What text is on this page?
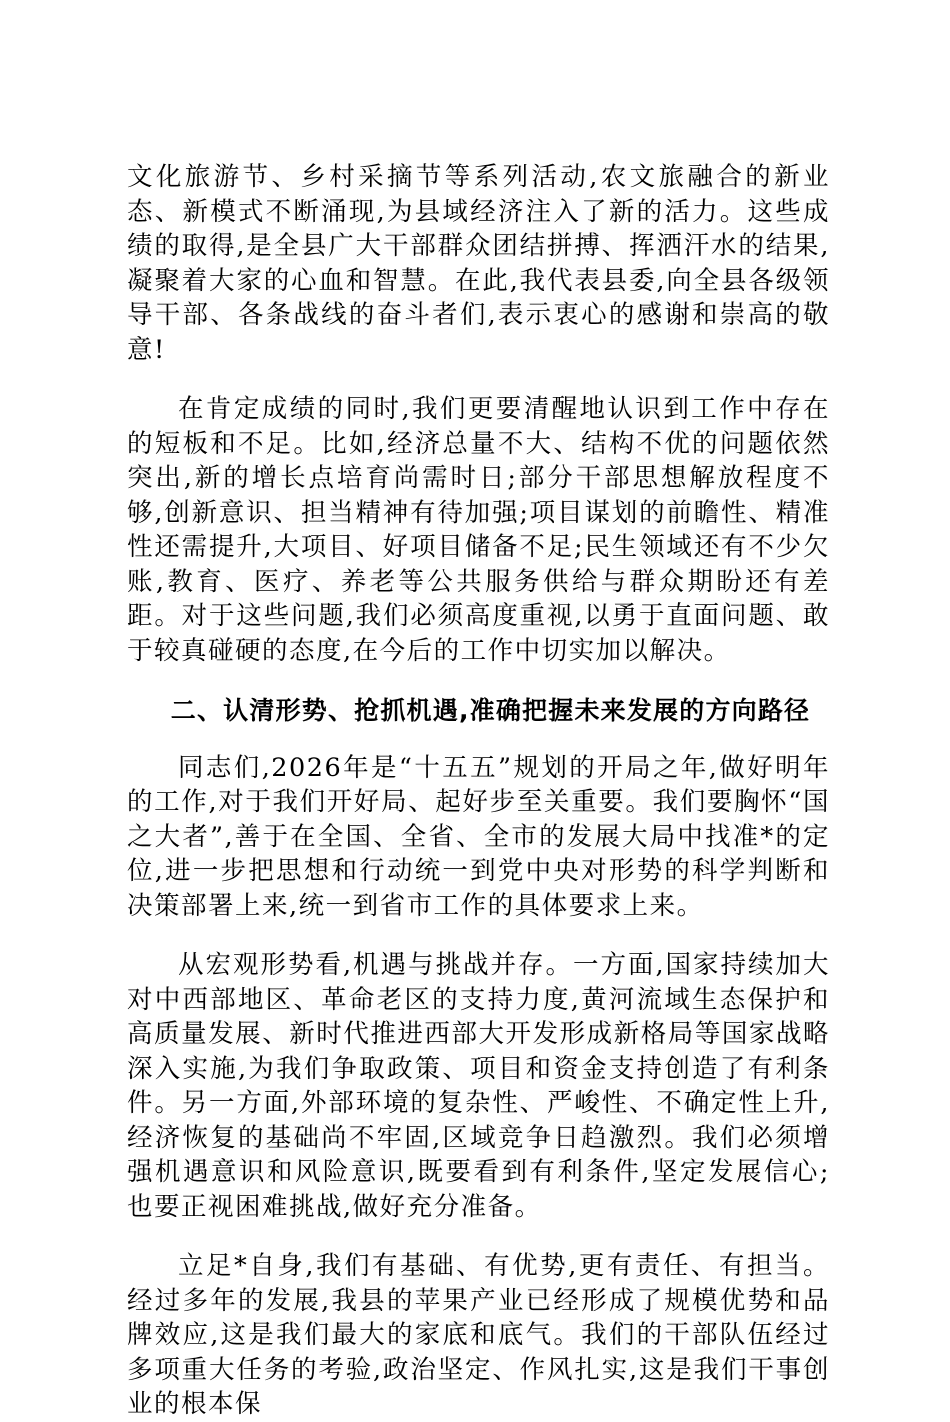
文化旅游节、乡村采摘节等系列活动,农文旅融合的新业态、新模式不断涌现,为县域经济注入了新的活力。这些成绩的取得,是全县广大干部群众团结拼搏、挥洒汗水的结果,凝聚着大家的心血和智慧。在此,我代表县委,向全县各级领导干部、各条战线的奋斗者们,表示衷心的感谢和崇高的敬意!

在肯定成绩的同时,我们更要清醒地认识到工作中存在的短板和不足。比如,经济总量不大、结构不优的问题依然突出,新的增长点培育尚需时日;部分干部思想解放程度不够,创新意识、担当精神有待加强;项目谋划的前瞻性、精准性还需提升,大项目、好项目储备不足;民生领域还有不少欠账,教育、医疗、养老等公共服务供给与群众期盼还有差距。对于这些问题,我们必须高度重视,以勇于直面问题、敢于较真碰硬的态度,在今后的工作中切实加以解决。

二、认清形势、抢抓机遇,准确把握未来发展的方向路径

同志们,2026年是“十五五”规划的开局之年,做好明年的工作,对于我们开好局、起好步至关重要。我们要胸怀“国之大者”,善于在全国、全省、全市的发展大局中找准*的定位,进一步把思想和行动统一到党中央对形势的科学判断和决策部署上来,统一到省市工作的具体要求上来。

从宏观形势看,机遇与挑战并存。一方面,国家持续加大对中西部地区、革命老区的支持力度,黄河流域生态保护和高质量发展、新时代推进西部大开发形成新格局等国家战略深入实施,为我们争取政策、项目和资金支持创造了有利条件。另一方面,外部环境的复杂性、严峻性、不确定性上升,经济恢复的基础尚不牢固,区域竞争日趋激烈。我们必须增强机遇意识和风险意识,既要看到有利条件,坚定发展信心;也要正视困难挑战,做好充分准备。

立足*自身,我们有基础、有优势,更有责任、有担当。经过多年的发展,我县的苹果产业已经形成了规模优势和品牌效应,这是我们最大的家底和底气。我们的干部队伍经过多项重大任务的考验,政治坚定、作风扎实,这是我们干事创业的根本保
